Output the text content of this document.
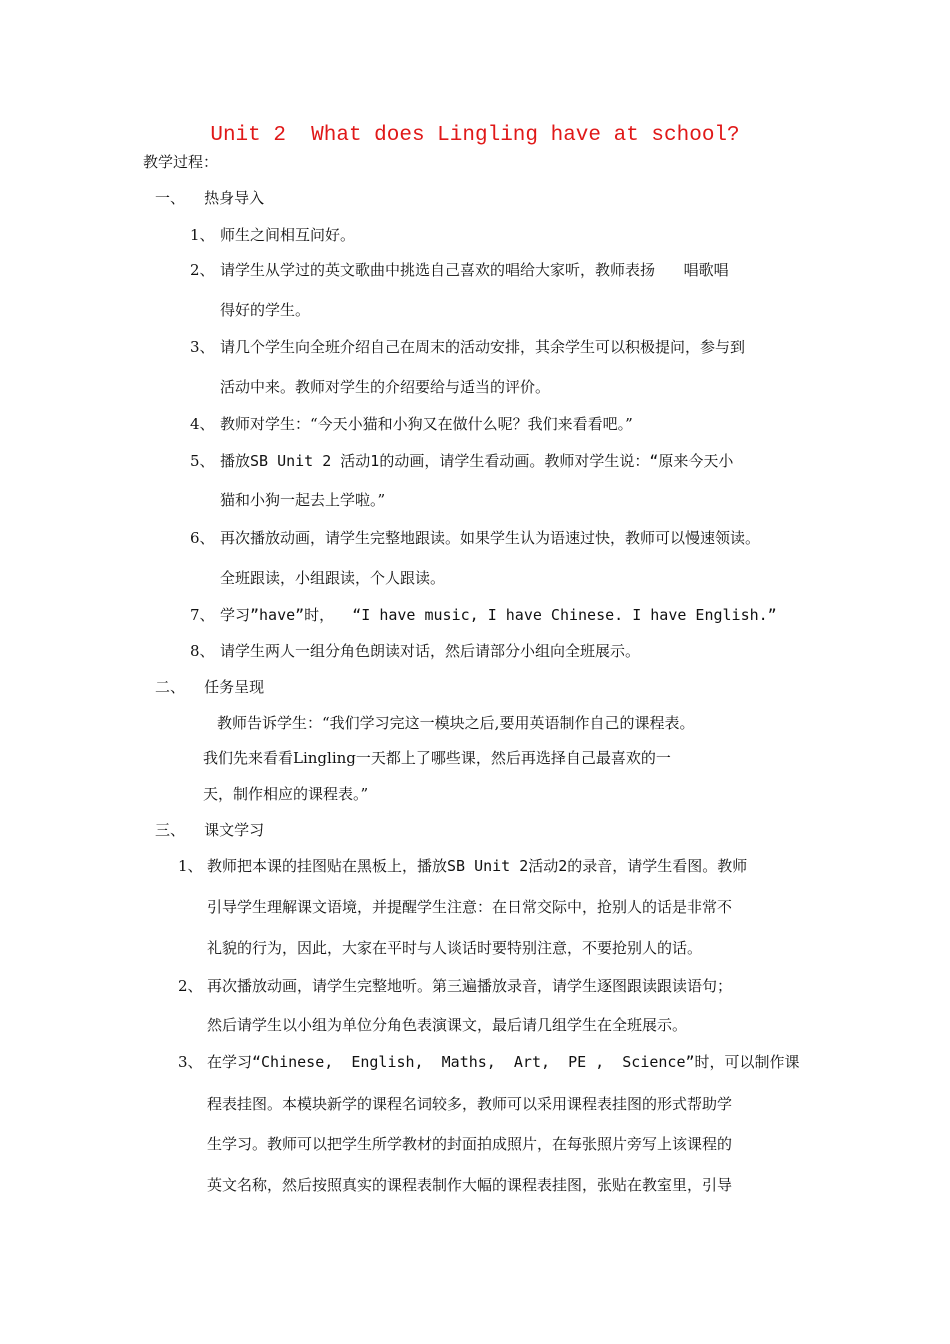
Unit 2  What does Lingling have at school?
教学过程：
一、    热身导入
1、 师生之间相互问好。
2、 请学生从学过的英文歌曲中挑选自己喜欢的唱给大家听，教师表扬      唱歌唱
得好的学生。
3、 请几个学生向全班介绍自己在周末的活动安排，其余学生可以积极提问，参与到
活动中来。教师对学生的介绍要给与适当的评价。
4、 教师对学生：“今天小猫和小狗又在做什么呢？我们来看看吧。”
5、 播放SB Unit 2 活动1的动画，请学生看动画。教师对学生说：“原来今天小
猫和小狗一起去上学啦。”
6、 再次播放动画，请学生完整地跟读。如果学生认为语速过快，教师可以慢速领读。
全班跟读，小组跟读，个人跟读。
7、 学习”have”时，  “I have music, I have Chinese. I have English.”
8、 请学生两人一组分角色朗读对话，然后请部分小组向全班展示。
二、    任务呈现
教师告诉学生：“我们学习完这一模块之后,要用英语制作自己的课程表。
我们先来看看Lingling一天都上了哪些课，然后再选择自己最喜欢的一
天，制作相应的课程表。”
三、    课文学习
1、 教师把本课的挂图贴在黑板上，播放SB Unit 2活动2的录音，请学生看图。教师
引导学生理解课文语境，并提醒学生注意：在日常交际中，抢别人的话是非常不
礼貌的行为，因此，大家在平时与人谈话时要特别注意，不要抢别人的话。
2、 再次播放动画，请学生完整地听。第三遍播放录音，请学生逐图跟读跟读语句；
然后请学生以小组为单位分角色表演课文，最后请几组学生在全班展示。
3、 在学习“Chinese,  English,  Maths,  Art,  PE ,  Science”时，可以制作课
程表挂图。本模块新学的课程名词较多，教师可以采用课程表挂图的形式帮助学
生学习。教师可以把学生所学教材的封面拍成照片，在每张照片旁写上该课程的
英文名称，然后按照真实的课程表制作大幅的课程表挂图，张贴在教室里，引导
